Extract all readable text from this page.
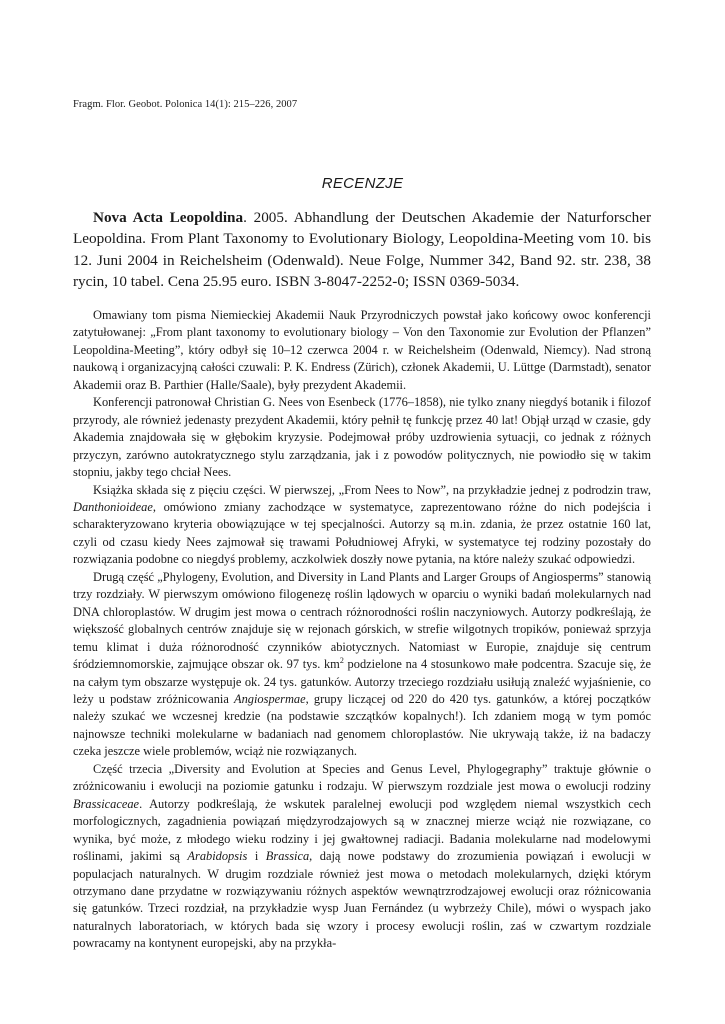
Fragm. Flor. Geobot. Polonica 14(1): 215–226, 2007
RECENZJE
Nova Acta Leopoldina. 2005. Abhandlung der Deutschen Akademie der Naturforscher Leopoldina. From Plant Taxonomy to Evolutionary Biology, Leopoldina-Meeting vom 10. bis 12. Juni 2004 in Reichelsheim (Odenwald). Neue Folge, Nummer 342, Band 92. str. 238, 38 rycin, 10 tabel. Cena 25.95 euro. ISBN 3-8047-2252-0; ISSN 0369-5034.

Omawiany tom pisma Niemieckiej Akademii Nauk Przyrodniczych powstał jako końcowy owoc konferencji zatytułowanej: „From plant taxonomy to evolutionary biology – Von den Taxonomie zur Evolution der Pflanzen” Leopoldina-Meeting”, który odbył się 10–12 czerwca 2004 r. w Reichelsheim (Odenwald, Niemcy). Nad stroną naukową i organizacyjną całości czuwali: P. K. Endress (Zürich), członek Akademii, U. Lüttge (Darmstadt), senator Akademii oraz B. Parthier (Halle/Saale), były prezydent Akademii.

Konferencji patronował Christian G. Nees von Esenbeck (1776–1858), nie tylko znany niegdyś botanik i filozof przyrody, ale również jedenasty prezydent Akademii, który pełnił tę funkcję przez 40 lat! Objął urząd w czasie, gdy Akademia znajdowała się w głębokim kryzysie. Podejmował próby uzdrowienia sytuacji, co jednak z różnych przyczyn, zarówno autokratycznego stylu zarządzania, jak i z powodów politycznych, nie powiodło się w takim stopniu, jakby tego chciał Nees.

Książka składa się z pięciu części. W pierwszej, „From Nees to Now”, na przykładzie jednej z podrodzin traw, Danthonioideae, omówiono zmiany zachodzące w systematyce, zaprezentowano różne do nich podejścia i scharakteryzowano kryteria obowiązujące w tej specjalności. Autorzy są m.in. zdania, że przez ostatnie 160 lat, czyli od czasu kiedy Nees zajmował się trawami Południowej Afryki, w systematyce tej rodziny pozostały do rozwiązania podobne co niegdyś problemy, aczkolwiek doszły nowe pytania, na które należy szukać odpowiedzi.

Drugą część „Phylogeny, Evolution, and Diversity in Land Plants and Larger Groups of Angiosperms” stanowią trzy rozdziały. W pierwszym omówiono filogenezę roślin lądowych w oparciu o wyniki badań molekularnych nad DNA chloroplastów. W drugim jest mowa o centrach różnorodności roślin naczyniowych. Autorzy podkreślają, że większość globalnych centrów znajduje się w rejonach górskich, w strefie wilgotnych tropików, ponieważ sprzyja temu klimat i duża różnorodność czynników abiotycznych. Natomiast w Europie, znajduje się centrum śródziemnomorskie, zajmujące obszar ok. 97 tys. $km^2$ podzielone na 4 stosunkowo małe podcentra. Szacuje się, że na całym tym obszarze występuje ok. 24 tys. gatunków. Autorzy trzeciego rozdziału usiłują znaleźć wyjaśnienie, co leży u podstaw zróżnicowania Angiospermae, grupy liczącej od 220 do 420 tys. gatunków, a której początków należy szukać we wczesnej kredzie (na podstawie szczątków kopalnych!). Ich zdaniem mogą w tym pomóc najnowsze techniki molekularne w badaniach nad genomem chloroplastów. Nie ukrywają także, iż na badaczy czeka jeszcze wiele problemów, wciąż nie rozwiązanych.

Część trzecia „Diversity and Evolution at Species and Genus Level, Phylogegraphy” traktuje głównie o zróżnicowaniu i ewolucji na poziomie gatunku i rodzaju. W pierwszym rozdziale jest mowa o ewolucji rodziny Brassicaceae. Autorzy podkreślają, że wskutek paralelnej ewolucji pod względem niemal wszystkich cech morfologicznych, zagadnienia powiązań międzyrodzajowych są w znacznej mierze wciąż nie rozwiązane, co wynika, być może, z młodego wieku rodziny i jej gwałtownej radiacji. Badania molekularne nad modelowymi roślinami, jakimi są Arabidopsis i Brassica, dają nowe podstawy do zrozumienia powiązań i ewolucji w populacjach naturalnych. W drugim rozdziale również jest mowa o metodach molekularnych, dzięki którym otrzymano dane przydatne w rozwiązywaniu różnych aspektów wewnątrzrodzajowej ewolucji oraz różnicowania się gatunków. Trzeci rozdział, na przykładzie wysp Juan Fernández (u wybrzeży Chile), mówi o wyspach jako naturalnych laboratoriach, w których bada się wzory i procesy ewolucji roślin, zaś w czwartym rozdziale powracamy na kontynent europejski, aby na przykła-
